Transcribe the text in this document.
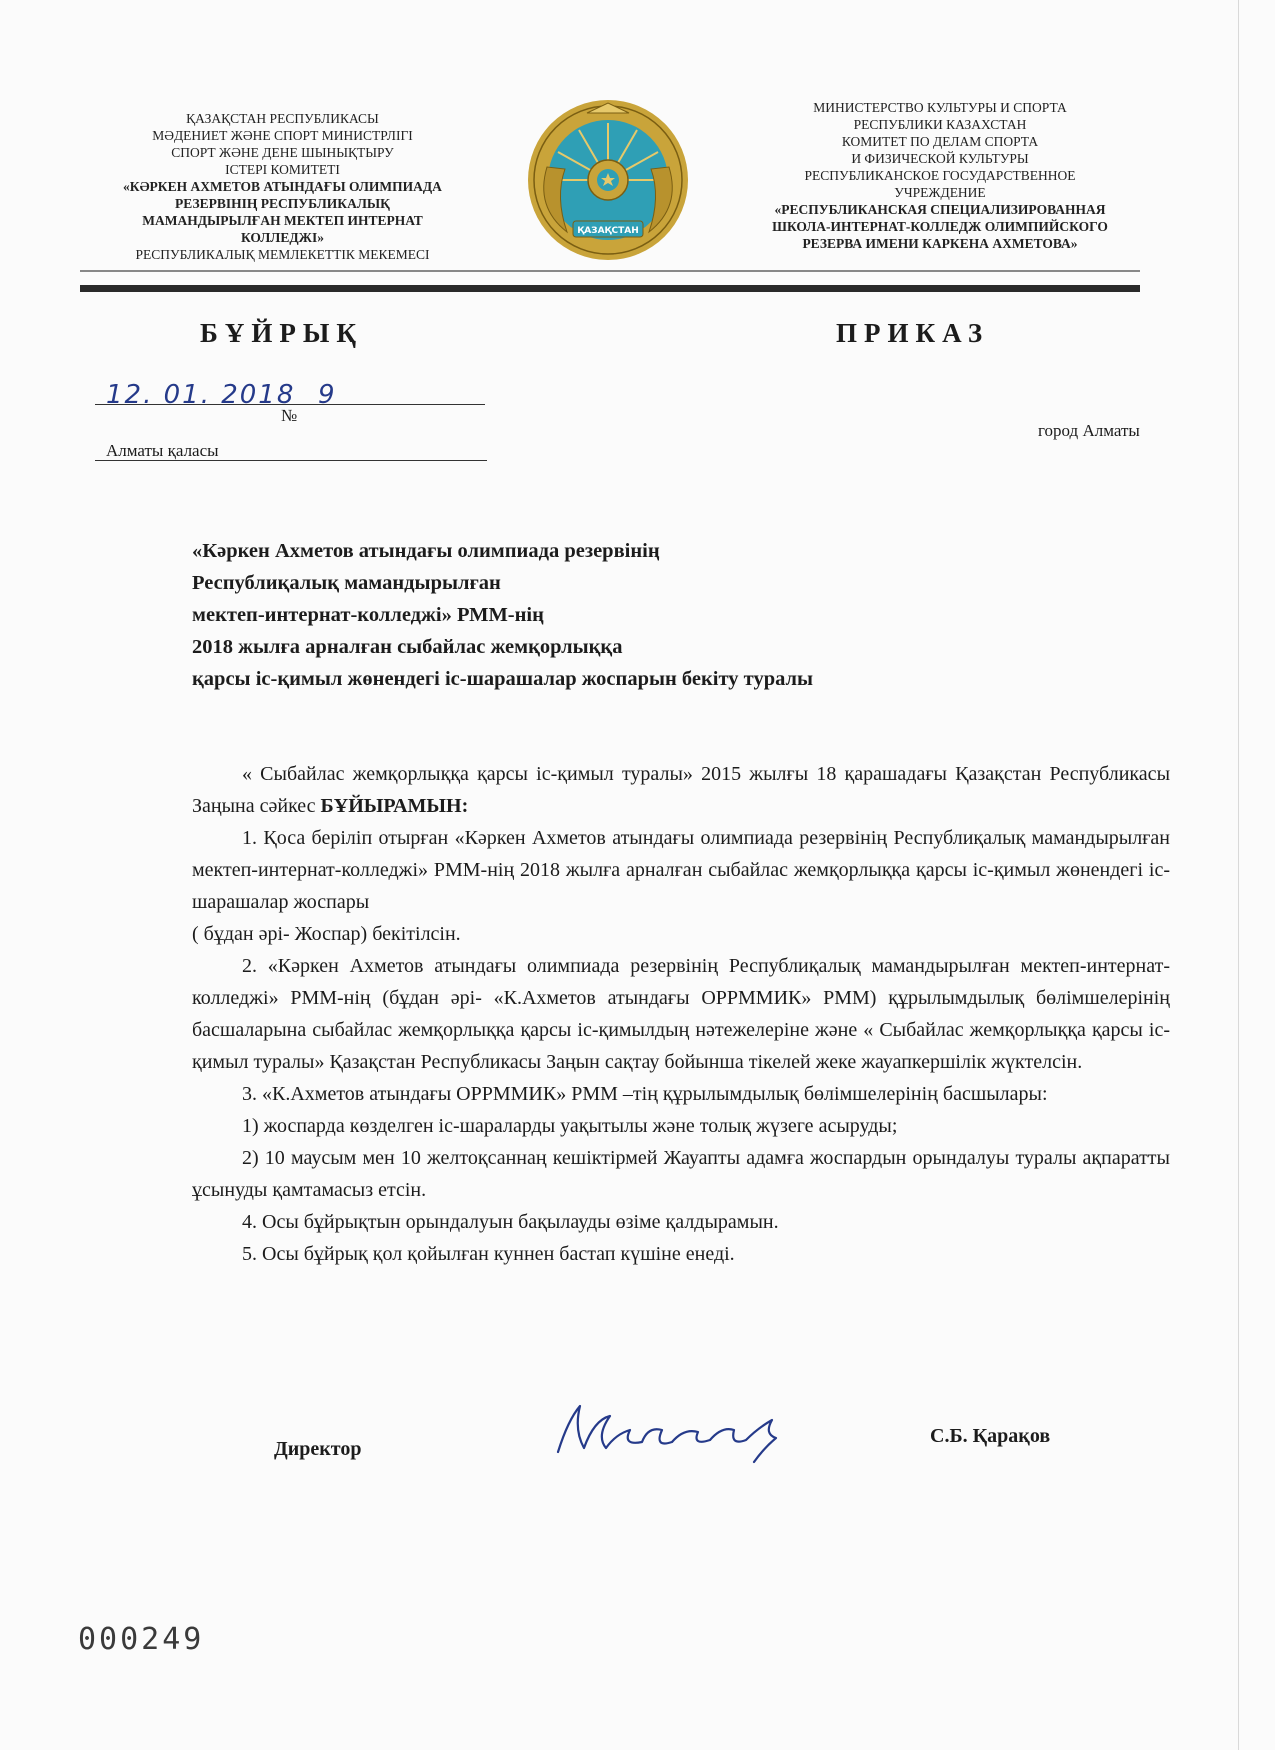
ҚАЗАҚСТАН РЕСПУБЛИКАСЫ
МӘДЕНИЕТ ЖӘНЕ СПОРТ МИНИСТРЛІГІ
СПОРТ ЖӘНЕ ДЕНЕ ШЫНЫҚТЫРУ
ІСТЕРІ КОМИТЕТІ
«КӘРКЕН АХМЕТОВ АТЫНДАҒЫ ОЛИМПИАДА
РЕЗЕРВІНІҢ РЕСПУБЛИКАЛЫҚ
МАМАНДЫРЫЛҒАН МЕКТЕП ИНТЕРНАТ
КОЛЛЕДЖІ»
РЕСПУБЛИКАЛЫҚ МЕМЛЕКЕТТІК МЕКЕМЕСІ
ҚАЗАҚСТАН
МИНИСТЕРСТВО КУЛЬТУРЫ И СПОРТА
РЕСПУБЛИКИ КАЗАХСТАН
КОМИТЕТ ПО ДЕЛАМ СПОРТА
И ФИЗИЧЕСКОЙ КУЛЬТУРЫ
РЕСПУБЛИКАНСКОЕ ГОСУДАРСТВЕННОЕ
УЧРЕЖДЕНИЕ
«РЕСПУБЛИКАНСКАЯ СПЕЦИАЛИЗИРОВАННАЯ
ШКОЛА-ИНТЕРНАТ-КОЛЛЕДЖ ОЛИМПИЙСКОГО
РЕЗЕРВА ИМЕНИ КАРКЕНА АХМЕТОВА»
БҰЙРЫҚ	ПРИКАЗ
12. 01. 2018
№
9
Алматы қаласы
город Алматы
«Кәркен Ахметов атындағы олимпиада резервінің
Республиқалық мамандырылған
мектеп-интернат-колледжі» РММ-нің
2018 жылға арналған сыбайлас жемқорлыққа
қарсы іс-қимыл жөнендегі іс-шарашалар жоспарын бекіту туралы

« Сыбайлас жемқорлыққа қарсы іс-қимыл туралы» 2015 жылғы 18 қарашадағы Қазақстан Республикасы Заңына сәйкес БҰЙЫРАМЫН:

1. Қоса беріліп отырған «Кәркен Ахметов атындағы олимпиада резервінің Республиқалық мамандырылған мектеп-интернат-колледжі» РММ-нің 2018 жылға арналған сыбайлас жемқорлыққа қарсы іс-қимыл жөнендегі іс-шарашалар жоспары

( бұдан әрі- Жоспар) бекітілсін.

2. «Кәркен Ахметов атындағы олимпиада резервінің Республиқалық мамандырылған мектеп-интернат-колледжі» РММ-нің (бұдан әрі- «К.Ахметов атындағы ОРРММИК» РММ) құрылымдылық бөлімшелерінің басшаларына сыбайлас жемқорлыққа қарсы іс-қимылдың нәтежелеріне және « Сыбайлас жемқорлыққа қарсы іс-қимыл туралы» Қазақстан Республикасы Заңын сақтау бойынша тікелей жеке жауапкершілік жүктелсін.

3. «К.Ахметов атындағы ОРРММИК» РММ –тің құрылымдылық бөлімшелерінің басшылары:

1) жоспарда көзделген іс-шараларды уақытылы және толық жүзеге асыруды;

2) 10 маусым мен 10 желтоқсаннаң кешіктірмей Жауапты адамға жоспардын орындалуы туралы ақпаратты ұсынуды қамтамасыз етсін.

4. Осы бұйрықтын орындалуын бақылауды өзіме қалдырамын.

5. Осы бұйрық қол қойылған куннен бастап күшіне енеді.

Директор
С.Б. Қарақов
000249
